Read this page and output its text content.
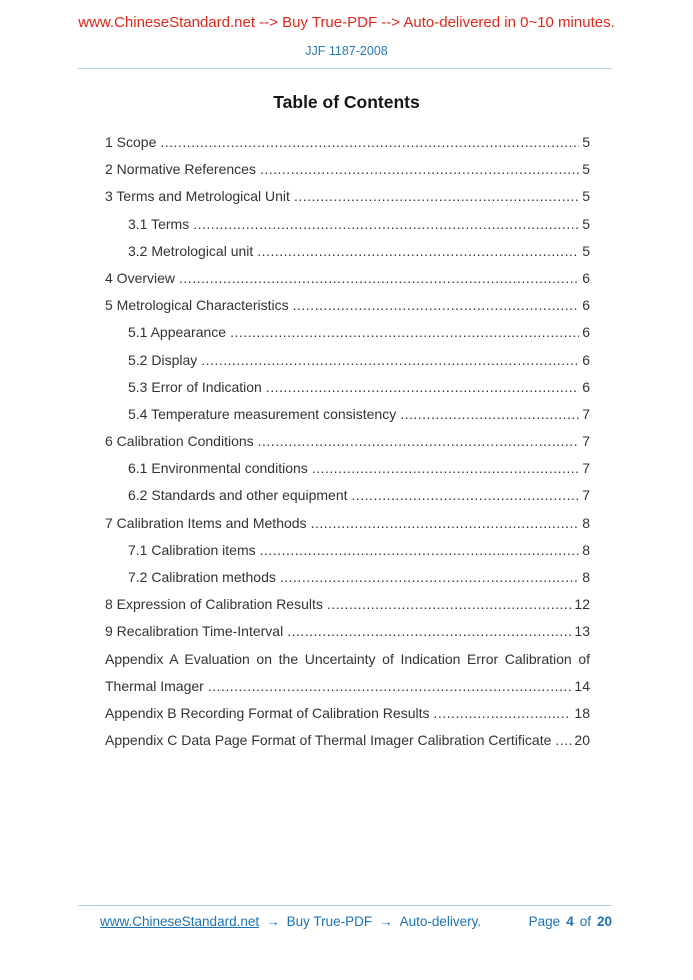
www.ChineseStandard.net --> Buy True-PDF --> Auto-delivered in 0~10 minutes.
JJF 1187-2008
Table of Contents
1 Scope .....	5
2 Normative References .....	5
3 Terms and Metrological Unit .....	5
3.1 Terms .....	5
3.2 Metrological unit .....	5
4 Overview .....	6
5 Metrological Characteristics .....	6
5.1 Appearance .....	6
5.2 Display .....	6
5.3 Error of Indication .....	6
5.4 Temperature measurement consistency .....	7
6 Calibration Conditions .....	7
6.1 Environmental conditions .....	7
6.2 Standards and other equipment .....	7
7 Calibration Items and Methods .....	8
7.1 Calibration items .....	8
7.2 Calibration methods .....	8
8 Expression of Calibration Results .....	12
9 Recalibration Time-Interval .....	13
Appendix A Evaluation on the Uncertainty of Indication Error Calibration of
Thermal Imager .....	14
Appendix B Recording Format of Calibration Results .....	18
Appendix C Data Page Format of Thermal Imager Calibration Certificate ..... 20
www.ChineseStandard.net → Buy True-PDF → Auto-delivery.	Page 4 of 20
